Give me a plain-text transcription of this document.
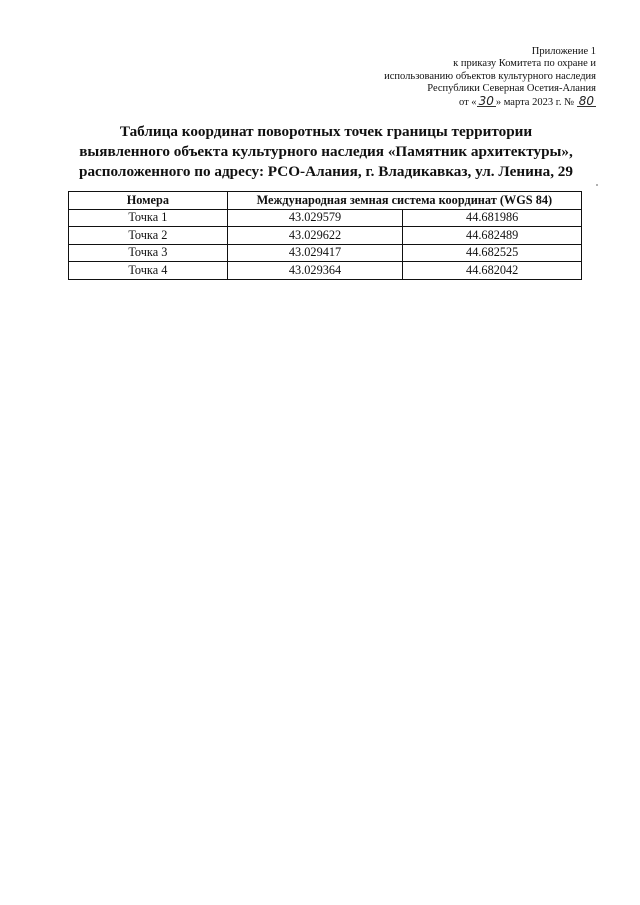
Приложение 1
к приказу Комитета по охране и
использованию объектов культурного наследия
Республики Северная Осетия-Алания
от « 30 » марта 2023 г. № 80
Таблица координат поворотных точек границы территории
выявленного объекта культурного наследия «Памятник архитектуры»,
расположенного по адресу: РСО-Алания, г. Владикавказ, ул. Ленина, 29
Номера	Международная земная система координат (WGS 84)	
Точка 1	43.029579	44.681986
Точка 2	43.029622	44.682489
Точка 3	43.029417	44.682525
Точка 4	43.029364	44.682042
